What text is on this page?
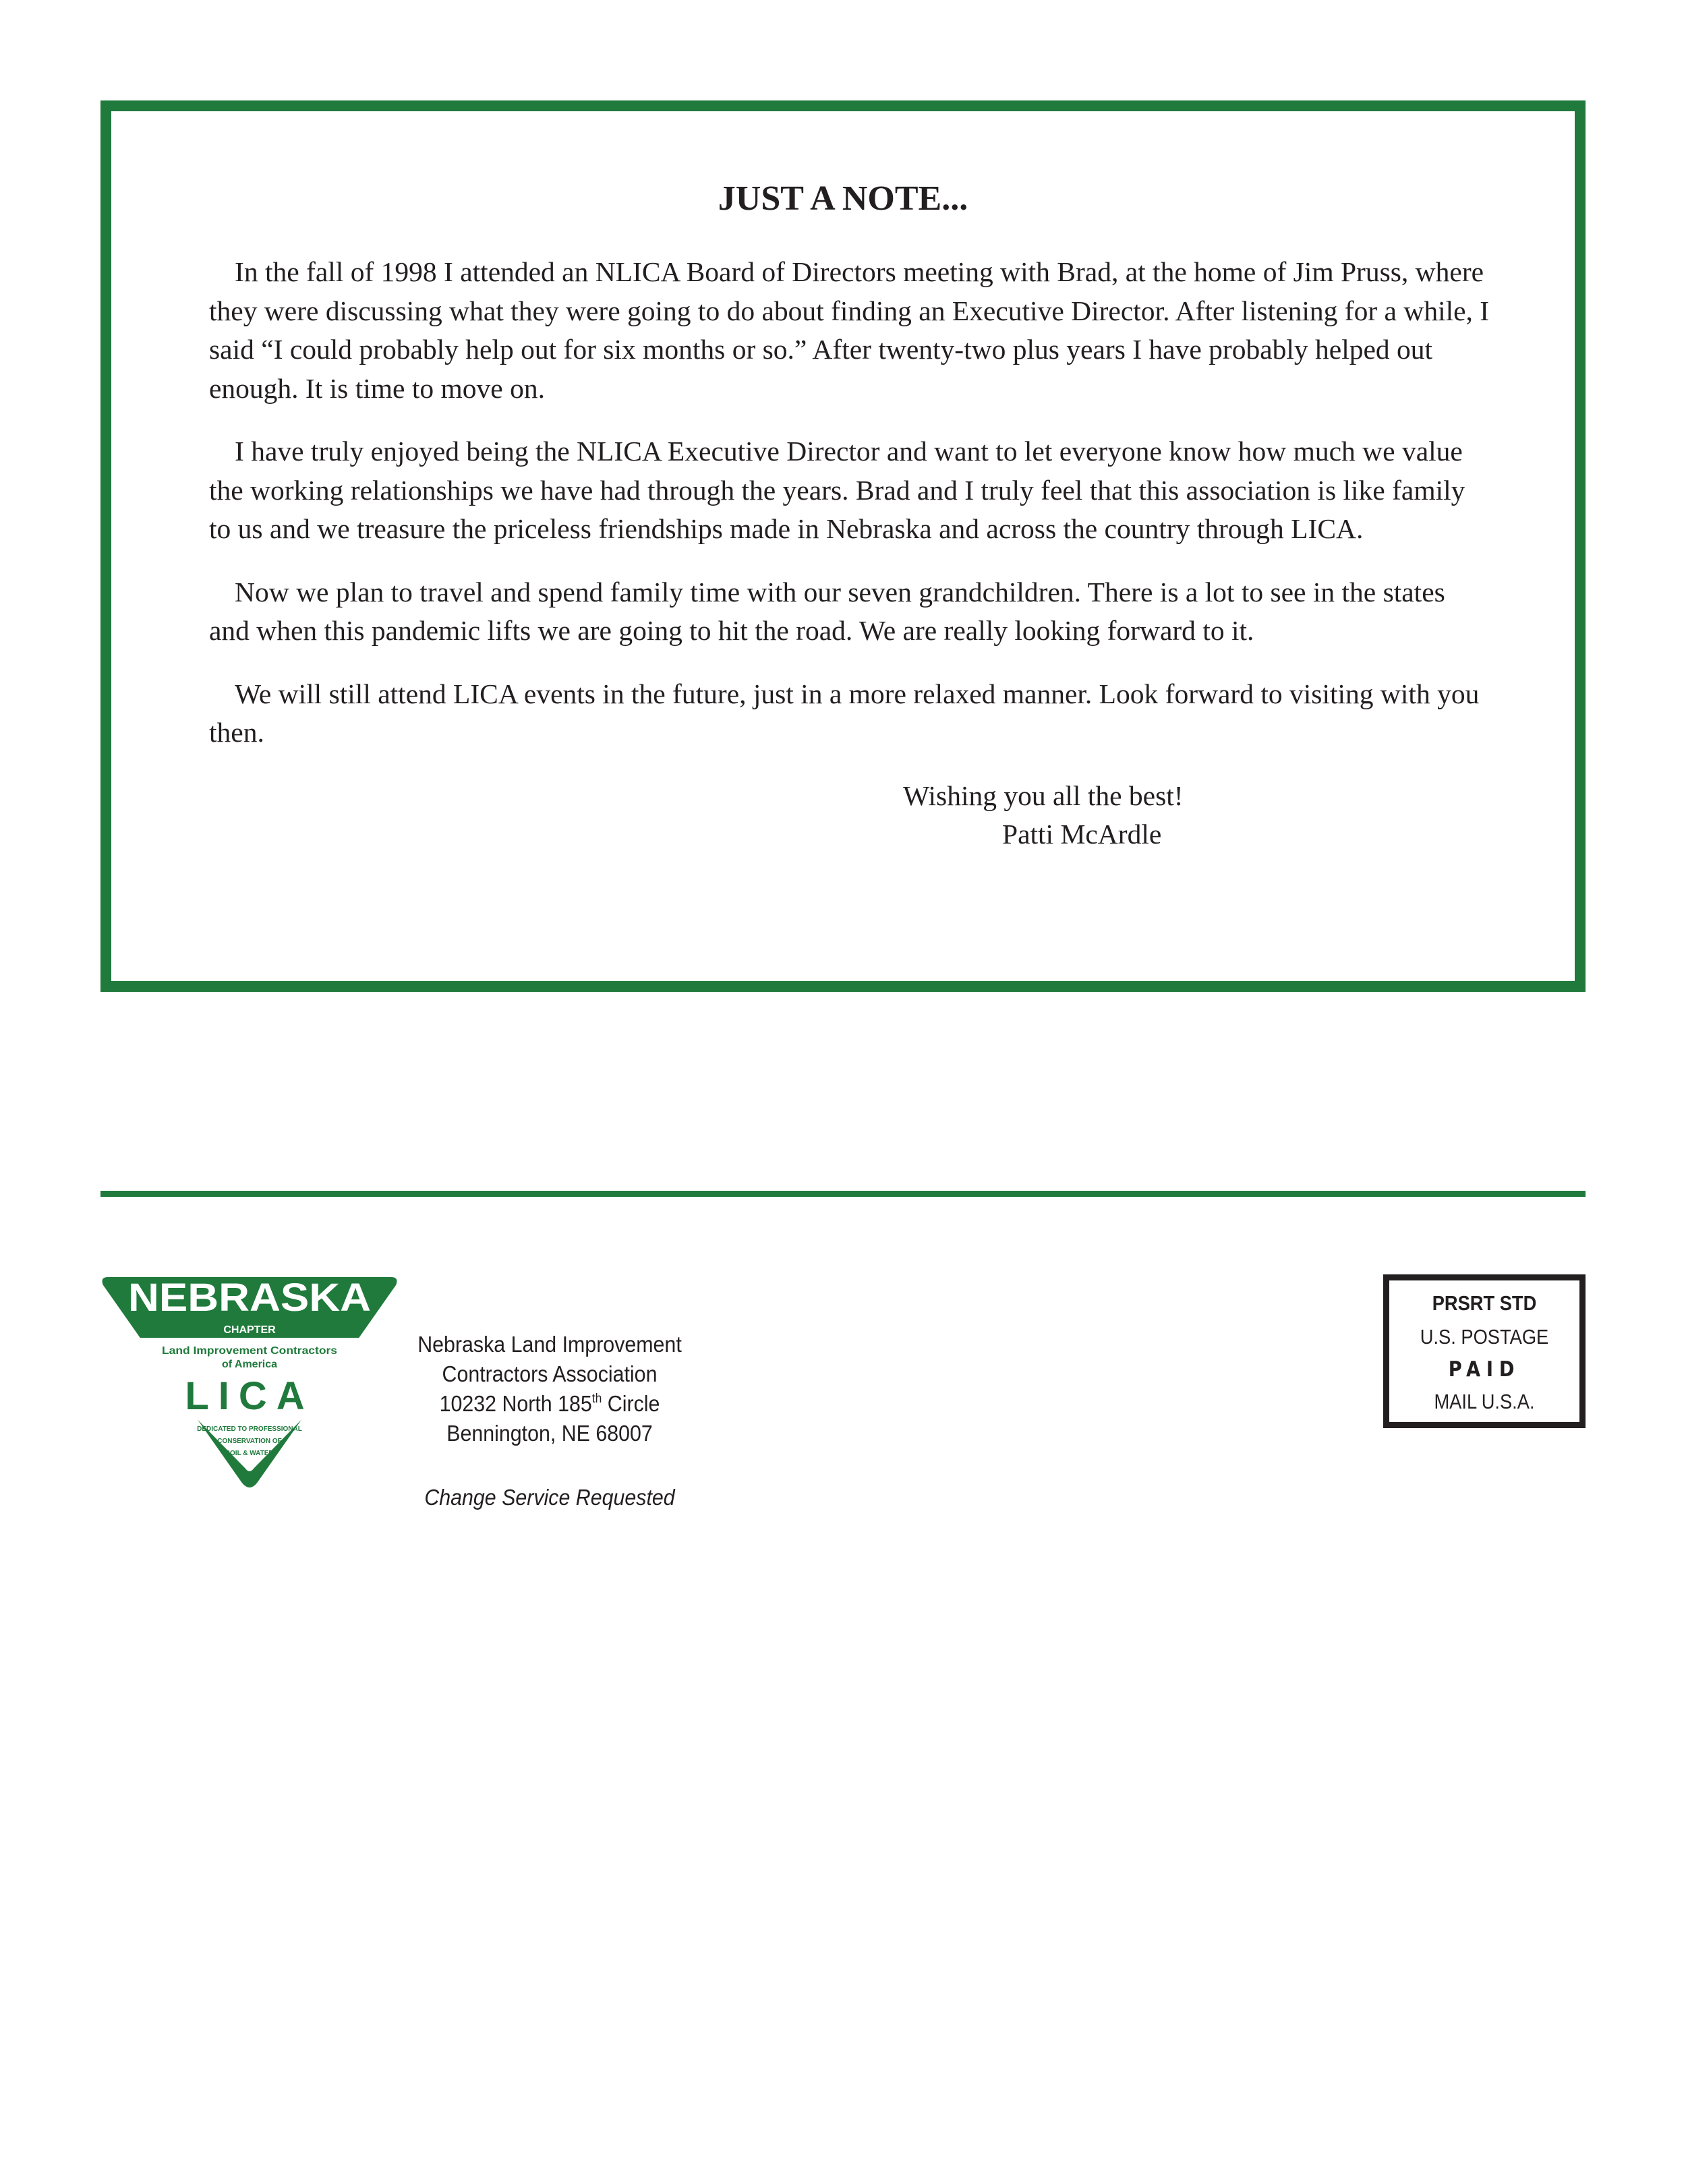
JUST A NOTE...

In the fall of 1998 I attended an NLICA Board of Directors meeting with Brad, at the home of Jim Pruss, where they were discussing what they were going to do about finding an Executive Director. After listening for a while, I said “I could probably help out for six months or so.” After twenty-two plus years I have probably helped out enough. It is time to move on.

I have truly enjoyed being the NLICA Executive Director and want to let everyone know how much we value the working relationships we have had through the years. Brad and I truly feel that this association is like family to us and we treasure the priceless friendships made in Nebraska and across the country through LICA.

Now we plan to travel and spend family time with our seven grandchildren. There is a lot to see in the states and when this pandemic lifts we are going to hit the road. We are really looking forward to it.

We will still attend LICA events in the future, just in a more relaxed manner. Look forward to visiting with you then.

Wishing you all the best!
Patti McArdle
NEBRASKA
CHAPTER
Land Improvement Contractors
of America
LICA
DEDICATED TO PROFESSIONAL
CONSERVATION OF
SOIL & WATER
Nebraska Land Improvement
Contractors Association
10232 North 185th Circle
Bennington, NE 68007
Change Service Requested
PRSRT STD
U.S. POSTAGE
PAID
MAIL U.S.A.
